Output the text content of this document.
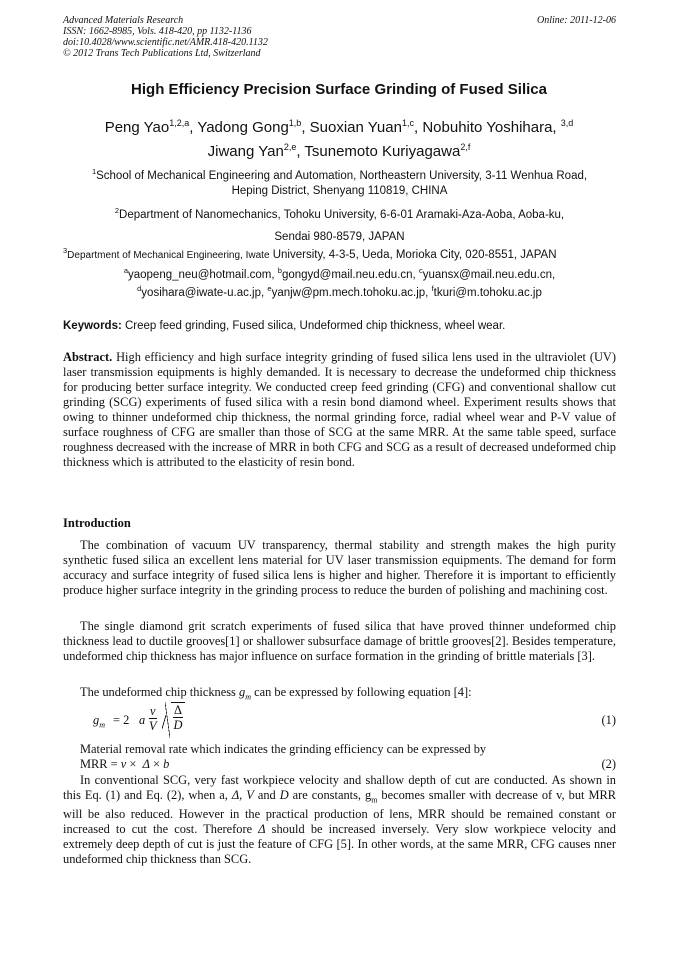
Advanced Materials Research
ISSN: 1662-8985, Vols. 418-420, pp 1132-1136
doi:10.4028/www.scientific.net/AMR.418-420.1132
© 2012 Trans Tech Publications Ltd, Switzerland
Online: 2011-12-06
High Efficiency Precision Surface Grinding of Fused Silica
Peng Yao$^{1,2,a}$, Yadong Gong$^{1,b}$, Suoxian Yuan$^{1,c}$, Nobuhito Yoshihara, $^{3,d}$
Jiwang Yan$^{2,e}$, Tsunemoto Kuriyagawa$^{2,f}$
$^1$School of Mechanical Engineering and Automation, Northeastern University, 3-11 Wenhua Road,
Heping District, Shenyang 110819, CHINA
$^2$Department of Nanomechanics, Tohoku University, 6-6-01 Aramaki-Aza-Aoba, Aoba-ku,
Sendai 980-8579, JAPAN
$^3$Department of Mechanical Engineering, Iwate University, 4-3-5, Ueda, Morioka City, 020-8551, JAPAN
$^a$yaopeng_neu@hotmail.com, $^b$gongyd@mail.neu.edu.cn, $^c$yuansx@mail.neu.edu.cn,
$^d$yosihara@iwate-u.ac.jp, $^e$yanjw@pm.mech.tohoku.ac.jp, $^f$tkuri@m.tohoku.ac.jp
Keywords: Creep feed grinding, Fused silica, Undeformed chip thickness, wheel wear.
Abstract. High efficiency and high surface integrity grinding of fused silica lens used in the ultraviolet (UV) laser transmission equipments is highly demanded. It is necessary to decrease the undeformed chip thickness for producing better surface integrity. We conducted creep feed grinding (CFG) and conventional shallow cut grinding (SCG) experiments of fused silica with a resin bond diamond wheel. Experiment results shows that owing to thinner undeformed chip thickness, the normal grinding force, radial wheel wear and P-V value of surface roughness of CFG are smaller than those of SCG at the same MRR. At the same table speed, surface roughness decreased with the increase of MRR in both CFG and SCG as a result of decreased undeformed chip thickness which is attributed to the elasticity of resin bond.
Introduction
The combination of vacuum UV transparency, thermal stability and strength makes the high purity synthetic fused silica an excellent lens material for UV laser transmission equipments. The demand for form accuracy and surface integrity of fused silica lens is higher and higher. Therefore it is important to efficiently produce higher surface integrity in the grinding process to reduce the burden of polishing and machining cost.
The single diamond grit scratch experiments of fused silica that have proved thinner undeformed chip thickness lead to ductile grooves[1] or shallower subsurface damage of brittle grooves[2]. Besides temperature, undeformed chip thickness has major influence on surface formation in the grinding of brittle materials [3].
The undeformed chip thickness $g_m$ can be expressed by following equation [4]:
$g_m = 2$ a $\frac{v}{V} \frac{\Delta}{D}$	(1)
Material removal rate which indicates the grinding efficiency can be expressed by
MRR = v × Δ × b	(2)
In conventional SCG, very fast workpiece velocity and shallow depth of cut are conducted. As shown in this Eq. (1) and Eq. (2), when a, Δ, V and D are constants, $g_m$ becomes smaller with decrease of v, but MRR will be also reduced. However in the practical production of lens, MRR should be remained constant or increased to cut the cost. Therefore Δ should be increased inversely. Very slow workpiece velocity and extremely deep depth of cut is just the feature of CFG [5]. In other words, at the same MRR, CFG causes nner undeformed chip thickness than SCG.
